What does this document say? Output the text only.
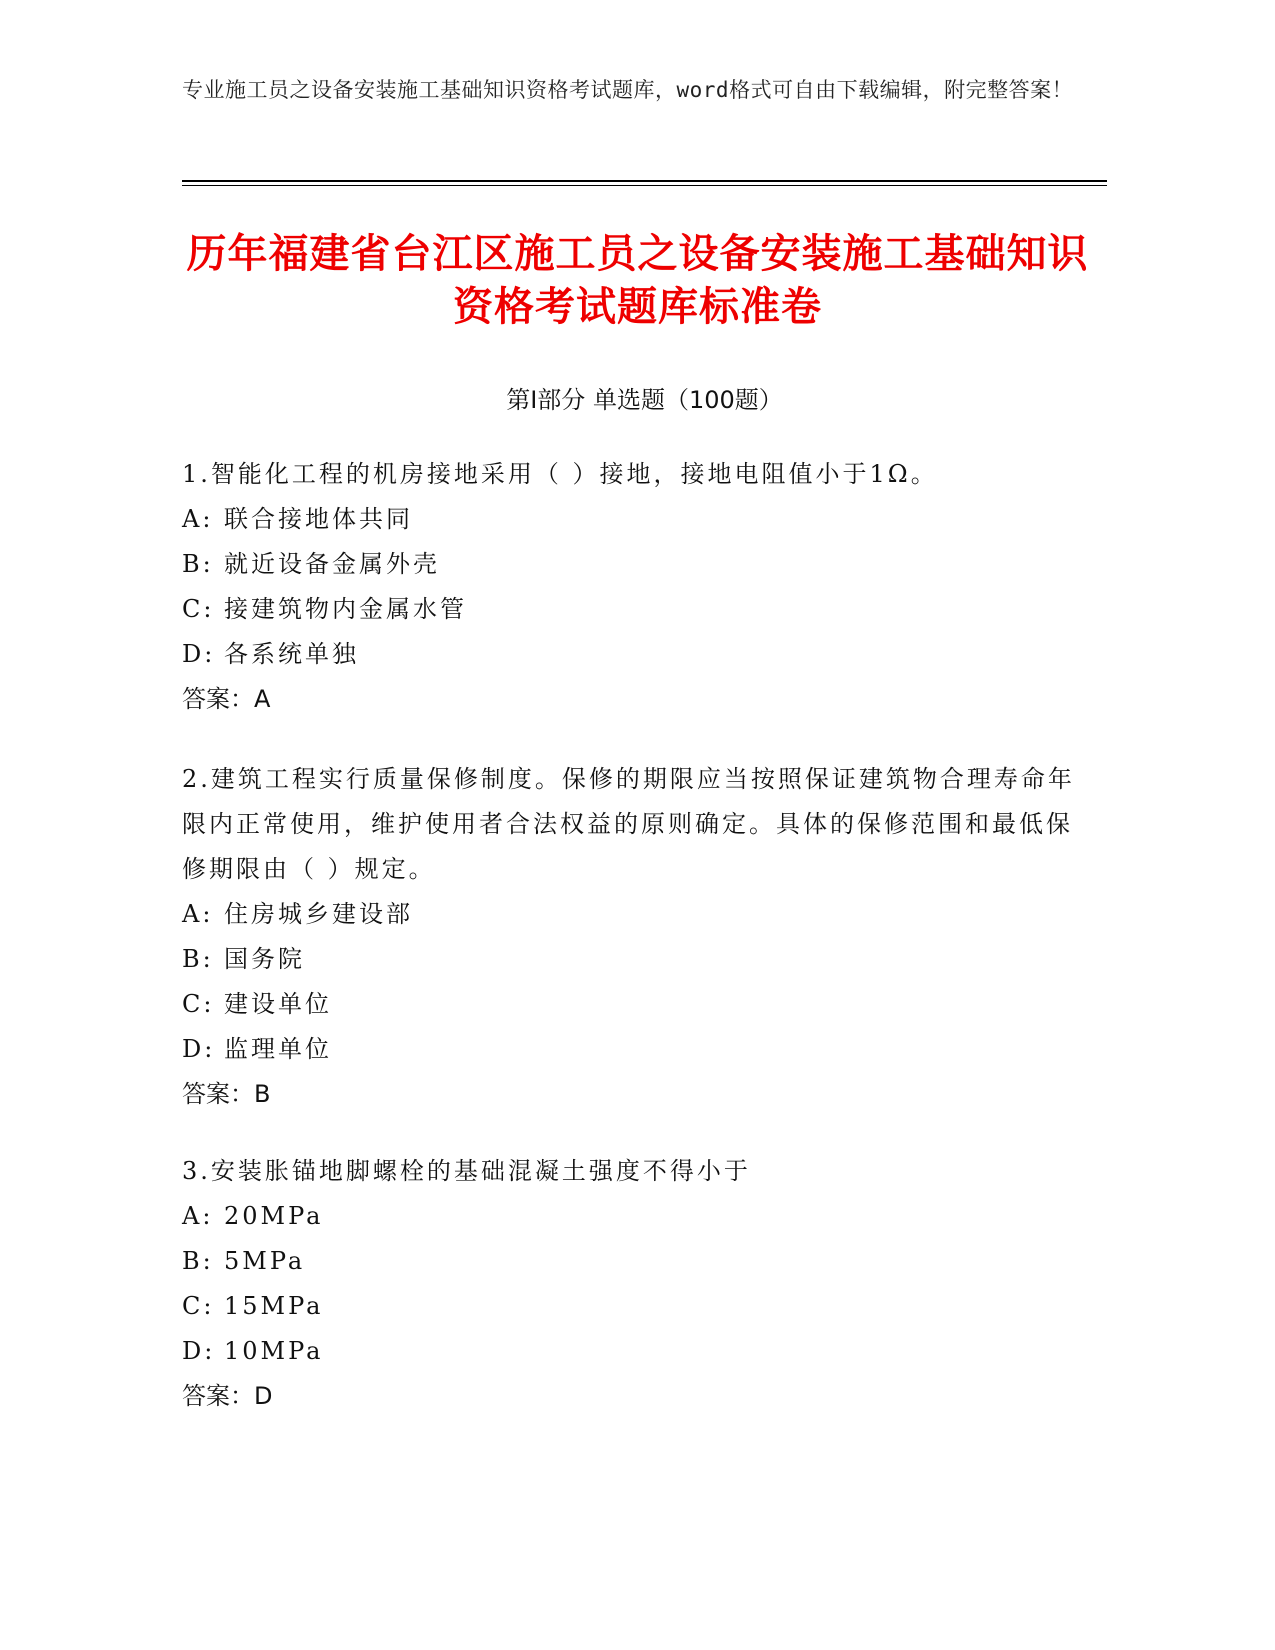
专业施工员之设备安装施工基础知识资格考试题库，word格式可自由下载编辑，附完整答案！
历年福建省台江区施工员之设备安装施工基础知识资格考试题库标准卷
第Ⅰ部分 单选题（100题）

1.智能化工程的机房接地采用（ ）接地，接地电阻值小于1Ω。

A: 联合接地体共同

B: 就近设备金属外壳

C: 接建筑物内金属水管

D: 各系统单独

答案：A

2.建筑工程实行质量保修制度。保修的期限应当按照保证建筑物合理寿命年限内正常使用，维护使用者合法权益的原则确定。具体的保修范围和最低保修期限由（ ）规定。

A: 住房城乡建设部

B: 国务院

C: 建设单位

D: 监理单位

答案：B

3.安装胀锚地脚螺栓的基础混凝土强度不得小于

A: 20MPa

B: 5MPa

C: 15MPa

D: 10MPa

答案：D
